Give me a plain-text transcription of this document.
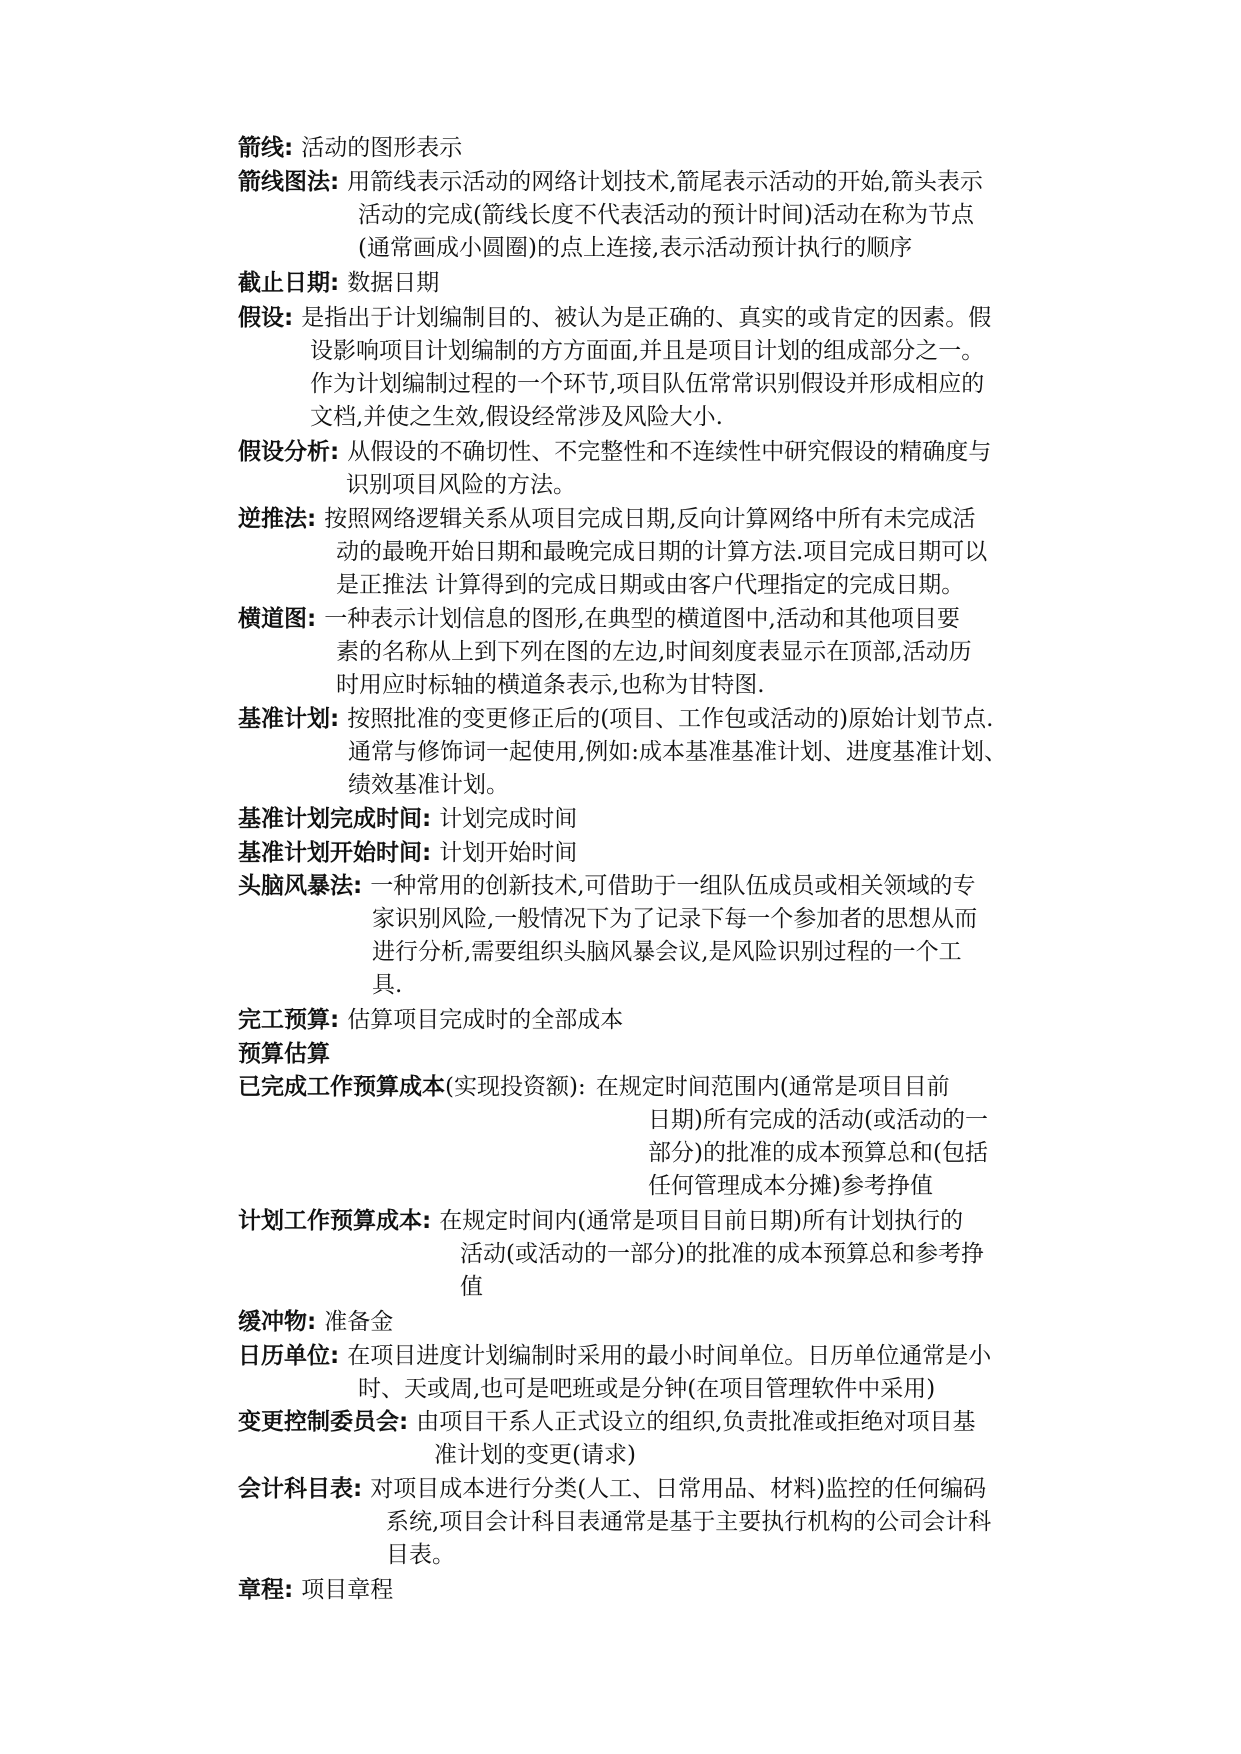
箭线: 活动的图形表示
箭线图法: 用箭线表示活动的网络计划技术,箭尾表示活动的开始,箭头表示
活动的完成(箭线长度不代表活动的预计时间)活动在称为节点
(通常画成小圆圈)的点上连接,表示活动预计执行的顺序
截止日期: 数据日期
假设: 是指出于计划编制目的、被认为是正确的、真实的或肯定的因素。假
设影响项目计划编制的方方面面,并且是项目计划的组成部分之一。
作为计划编制过程的一个环节,项目队伍常常识别假设并形成相应的
文档,并使之生效,假设经常涉及风险大小.
假设分析: 从假设的不确切性、不完整性和不连续性中研究假设的精确度与
识别项目风险的方法。
逆推法: 按照网络逻辑关系从项目完成日期,反向计算网络中所有未完成活
动的最晚开始日期和最晚完成日期的计算方法.项目完成日期可以
是正推法 计算得到的完成日期或由客户代理指定的完成日期。
横道图: 一种表示计划信息的图形,在典型的横道图中,活动和其他项目要
素的名称从上到下列在图的左边,时间刻度表显示在顶部,活动历
时用应时标轴的横道条表示,也称为甘特图.
基准计划: 按照批准的变更修正后的(项目、工作包或活动的)原始计划节点.
通常与修饰词一起使用,例如:成本基准基准计划、进度基准计划、
绩效基准计划。
基准计划完成时间: 计划完成时间
基准计划开始时间: 计划开始时间
头脑风暴法: 一种常用的创新技术,可借助于一组队伍成员或相关领域的专
家识别风险,一般情况下为了记录下每一个参加者的思想从而
进行分析,需要组织头脑风暴会议,是风险识别过程的一个工
具.
完工预算: 估算项目完成时的全部成本
预算估算
已完成工作预算成本(实现投资额): 在规定时间范围内(通常是项目目前
日期)所有完成的活动(或活动的一
部分)的批准的成本预算总和(包括
任何管理成本分摊)参考挣值
计划工作预算成本: 在规定时间内(通常是项目目前日期)所有计划执行的
活动(或活动的一部分)的批准的成本预算总和参考挣
值
缓冲物: 准备金
日历单位: 在项目进度计划编制时采用的最小时间单位。日历单位通常是小
时、天或周,也可是吧班或是分钟(在项目管理软件中采用)
变更控制委员会: 由项目干系人正式设立的组织,负责批准或拒绝对项目基
准计划的变更(请求)
会计科目表: 对项目成本进行分类(人工、日常用品、材料)监控的任何编码
系统,项目会计科目表通常是基于主要执行机构的公司会计科
目表。
章程: 项目章程
